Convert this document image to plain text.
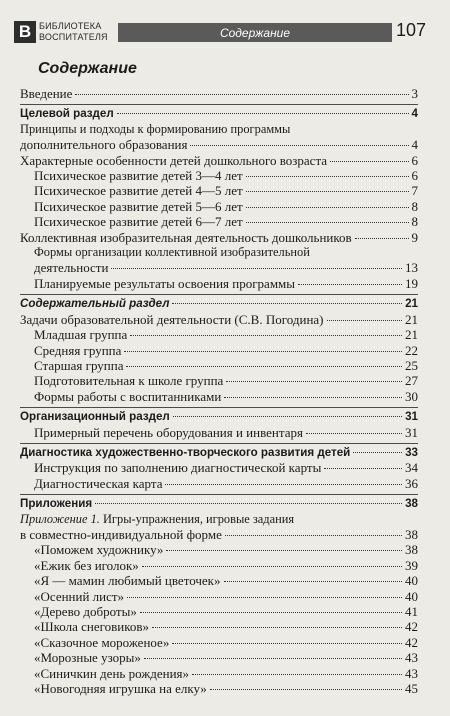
В БИБЛИОТЕКА
ВОСПИТАТЕЛЯ	Содержание	107
Содержание
Введение	3
Целевой раздел	4
Принципы и подходы к формированию программы
дополнительного образования	4
Характерные особенности детей дошкольного возраста	6
Психическое развитие детей 3—4 лет	6
Психическое развитие детей 4—5 лет	7
Психическое развитие детей 5—6 лет	8
Психическое развитие детей 6—7 лет	8
Коллективная изобразительная деятельность дошкольников	9
Формы организации коллективной изобразительной
деятельности	13
Планируемые результаты освоения программы	19
Содержательный раздел	21
Задачи образовательной деятельности (С.В. Погодина)	21
Младшая группа	21
Средняя группа	22
Старшая группа	25
Подготовительная к школе группа	27
Формы работы с воспитанниками	30
Организационный раздел	31
Примерный перечень оборудования и инвентаря	31
Диагностика художественно-творческого развития детей	33
Инструкция по заполнению диагностической карты	34
Диагностическая карта	36
Приложения	38
Приложение 1. Игры-упражнения, игровые задания
в совместно-индивидуальной форме	38
«Поможем художнику»	38
«Ежик без иголок»	39
«Я — мамин любимый цветочек»	40
«Осенний лист»	40
«Дерево доброты»	41
«Школа снеговиков»	42
«Сказочное мороженое»	42
«Морозные узоры»	43
«Синичкин день рождения»	43
«Новогодняя игрушка на елку»	45
